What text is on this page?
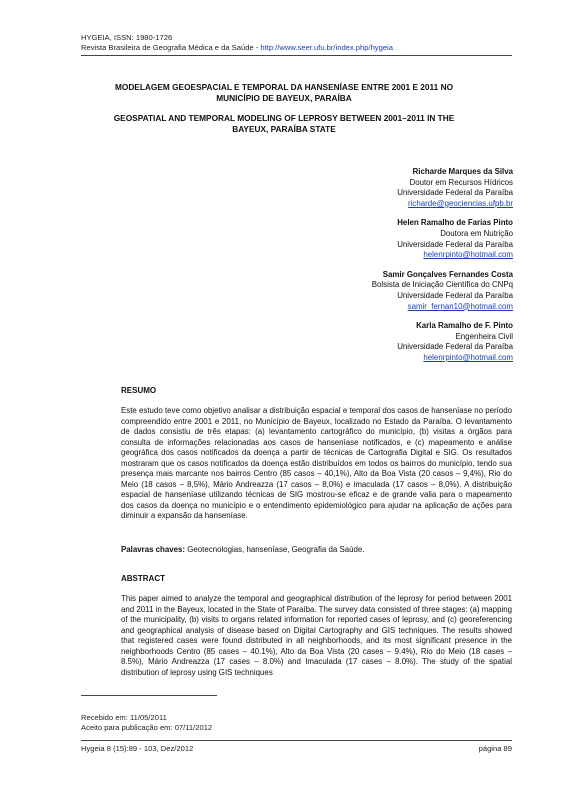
HYGEIA, ISSN: 1980-1726
Revista Brasileira de Geografia Médica e da Saúde - http://www.seer.ufu.br/index.php/hygeia
MODELAGEM GEOESPACIAL E TEMPORAL DA HANSENÍASE ENTRE 2001 E 2011 NO MUNICÍPIO DE BAYEUX, PARAÍBA
GEOSPATIAL AND TEMPORAL MODELING OF LEPROSY BETWEEN 2001–2011 IN THE BAYEUX, PARAÍBA STATE
Richarde Marques da Silva
Doutor em Recursos Hídricos
Universidade Federal da Paraíba
richarde@geociencias.ufpb.br
Helen Ramalho de Farias Pinto
Doutora em Nutrição
Universidade Federal da Paraíba
helenrpinto@hotmail.com
Samir Gonçalves Fernandes Costa
Bolsista de Iniciação Científica do CNPq
Universidade Federal da Paraíba
samir_fernan10@hotmail.com
Karla Ramalho de F. Pinto
Engenheira Civil
Universidade Federal da Paraíba
helenrpinto@hotmail.com
RESUMO
Este estudo teve como objetivo analisar a distribuição espacial e temporal dos casos de hanseníase no período compreendido entre 2001 e 2011, no Município de Bayeux, localizado no Estado da Paraíba. O levantamento de dados consistiu de três etapas: (a) levantamento cartográfico do município, (b) visitas a órgãos para consulta de informações relacionadas aos casos de hanseníase notificados, e (c) mapeamento e análise geográfica dos casos notificados da doença a partir de técnicas de Cartografia Digital e SIG. Os resultados mostraram que os casos notificados da doença estão distribuídos em todos os bairros do município, tendo sua presença mais marcante nos bairros Centro (85 casos – 40,1%), Alto da Boa Vista (20 casos – 9,4%), Rio do Meio (18 casos – 8,5%), Mário Andreazza (17 casos – 8,0%) e imaculada (17 casos – 8,0%). A distribuição espacial de hanseníase utilizando técnicas de SIG mostrou-se eficaz e de grande valia para o mapeamento dos casos da doença no município e o entendimento epidemiológico para ajudar na aplicação de ações para diminuir a expansão da hanseníase.
Palavras chaves: Geotecnologias, hanseníase, Geografia da Saúde.
ABSTRACT
This paper aimed to analyze the temporal and geographical distribution of the leprosy for period between 2001 and 2011 in the Bayeux, located in the State of Paraíba. The survey data consisted of three stages: (a) mapping of the municipality, (b) visits to organs related information for reported cases of leprosy, and (c) georeferencing and geographical analysis of disease based on Digital Cartography and GIS techniques. The results showed that registered cases were found distributed in all neighborhoods, and its most significant presence in the neighborhoods Centro (85 cases – 40.1%), Alto da Boa Vista (20 cases – 9.4%), Rio do Meio (18 cases – 8.5%), Mário Andreazza (17 cases – 8.0%) and Imaculada (17 cases – 8.0%). The study of the spatial distribution of leprosy using GIS techniques
Recebido em: 11/05/2011
Aceito para publicação em: 07/11/2012
Hygeia 8 (15):89 - 103, Dez/2012	página 89
